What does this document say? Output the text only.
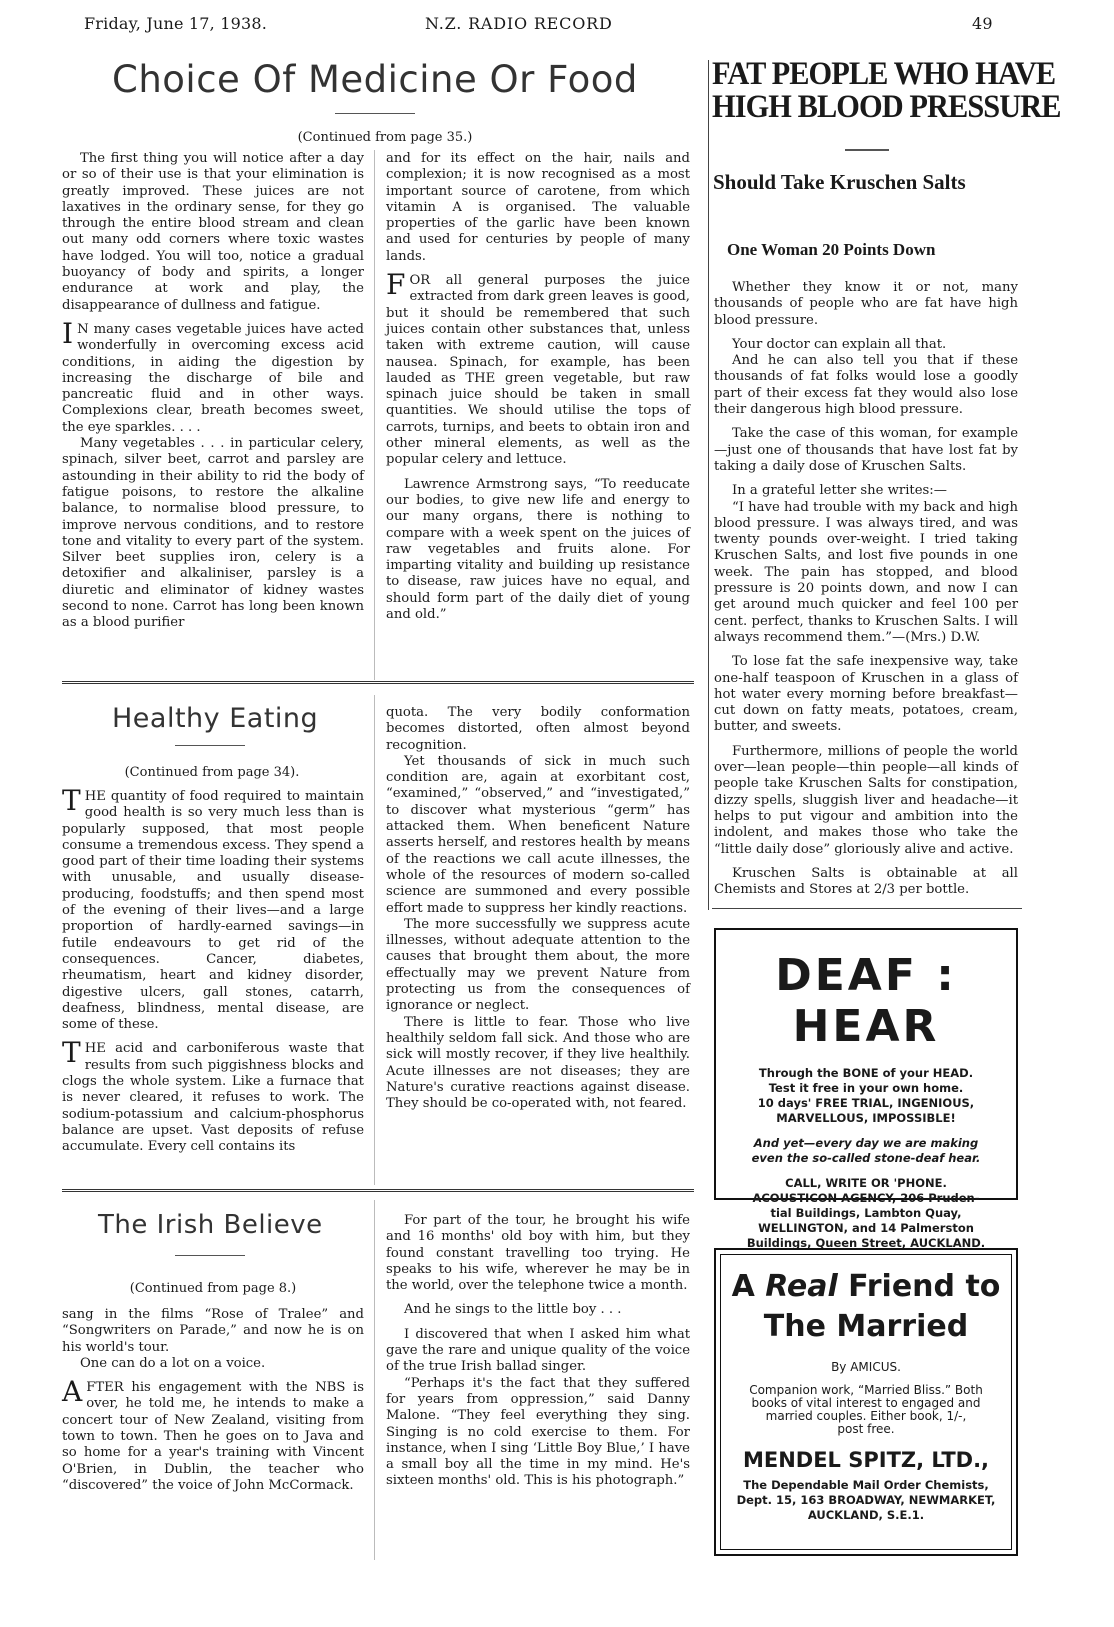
Friday, June 17, 1938.	N.Z. RADIO RECORD	49
Choice Of Medicine Or Food
(Continued from page 35.)

The first thing you will notice after a day or so of their use is that your elimination is greatly improved. These juices are not laxatives in the ordinary sense, for they go through the entire blood stream and clean out many odd corners where toxic wastes have lodged. You will too, notice a gradual buoyancy of body and spirits, a longer endurance at work and play, the disappearance of dullness and fatigue.

I N many cases vegetable juices have acted wonderfully in overcoming excess acid conditions, in aiding the digestion by increasing the discharge of bile and pancreatic fluid and in other ways. Complexions clear, breath becomes sweet, the eye sparkles. . . .

Many vegetables . . . in particular celery, spinach, silver beet, carrot and parsley are astounding in their ability to rid the body of fatigue poisons, to restore the alkaline balance, to normalise blood pressure, to improve nervous conditions, and to restore tone and vitality to every part of the system. Silver beet supplies iron, celery is a detoxifier and alkaliniser, parsley is a diuretic and eliminator of kidney wastes second to none. Carrot has long been known as a blood purifier

and for its effect on the hair, nails and complexion; it is now recognised as a most important source of carotene, from which vitamin A is organised. The valuable properties of the garlic have been known and used for centuries by people of many lands.

FOR all general purposes the juice extracted from dark green leaves is good, but it should be remembered that such juices contain other substances that, unless taken with extreme caution, will cause nausea. Spinach, for example, has been lauded as THE green vegetable, but raw spinach juice should be taken in small quantities. We should utilise the tops of carrots, turnips, and beets to obtain iron and other mineral elements, as well as the popular celery and lettuce.

Lawrence Armstrong says, “To reeducate our bodies, to give new life and energy to our many organs, there is nothing to compare with a week spent on the juices of raw vegetables and fruits alone. For imparting vitality and building up resistance to disease, raw juices have no equal, and should form part of the daily diet of young and old.”

Healthy Eating
(Continued from page 34).

THE quantity of food required to maintain good health is so very much less than is popularly supposed, that most people consume a tremendous excess. They spend a good part of their time loading their systems with unusable, and usually disease-producing, foodstuffs; and then spend most of the evening of their lives—and a large proportion of hardly-earned savings—in futile endeavours to get rid of the consequences. Cancer, diabetes, rheumatism, heart and kidney disorder, digestive ulcers, gall stones, catarrh, deafness, blindness, mental disease, are some of these.

THE acid and carboniferous waste that results from such piggishness blocks and clogs the whole system. Like a furnace that is never cleared, it refuses to work. The sodium-potassium and calcium-phosphorus balance are upset. Vast deposits of refuse accumulate. Every cell contains its

quota. The very bodily conformation becomes distorted, often almost beyond recognition.

Yet thousands of sick in much such condition are, again at exorbitant cost, “examined,” “observed,” and “investigated,” to discover what mysterious “germ” has attacked them. When beneficent Nature asserts herself, and restores health by means of the reactions we call acute illnesses, the whole of the resources of modern so-called science are summoned and every possible effort made to suppress her kindly reactions.

The more successfully we suppress acute illnesses, without adequate attention to the causes that brought them about, the more effectually may we prevent Nature from protecting us from the consequences of ignorance or neglect.

There is little to fear. Those who live healthily seldom fall sick. And those who are sick will mostly recover, if they live healthily. Acute illnesses are not diseases; they are Nature's curative reactions against disease. They should be co-operated with, not feared.

The Irish Believe
(Continued from page 8.)

sang in the films “Rose of Tralee” and “Songwriters on Parade,” and now he is on his world's tour.

One can do a lot on a voice.

AFTER his engagement with the NBS is over, he told me, he intends to make a concert tour of New Zealand, visiting from town to town. Then he goes on to Java and so home for a year's training with Vincent O'Brien, in Dublin, the teacher who “discovered” the voice of John McCormack.

For part of the tour, he brought his wife and 16 months' old boy with him, but they found constant travelling too trying. He speaks to his wife, wherever he may be in the world, over the telephone twice a month.

And he sings to the little boy . . .

I discovered that when I asked him what gave the rare and unique quality of the voice of the true Irish ballad singer.

“Perhaps it's the fact that they suffered for years from oppression,” said Danny Malone. “They feel everything they sing. Singing is no cold exercise to them. For instance, when I sing ‘Little Boy Blue,’ I have a small boy all the time in my mind. He's sixteen months' old. This is his photograph.”

FAT PEOPLE WHO HAVE
HIGH BLOOD PRESSURE
Should Take Kruschen Salts
One Woman 20 Points Down

Whether they know it or not, many thousands of people who are fat have high blood pressure.

Your doctor can explain all that.

And he can also tell you that if these thousands of fat folks would lose a goodly part of their excess fat they would also lose their dangerous high blood pressure.

Take the case of this woman, for example—just one of thousands that have lost fat by taking a daily dose of Kruschen Salts.

In a grateful letter she writes:—

“I have had trouble with my back and high blood pressure. I was always tired, and was twenty pounds over-weight. I tried taking Kruschen Salts, and lost five pounds in one week. The pain has stopped, and blood pressure is 20 points down, and now I can get around much quicker and feel 100 per cent. perfect, thanks to Kruschen Salts. I will always recommend them.”—(Mrs.) D.W.

To lose fat the safe inexpensive way, take one-half teaspoon of Kruschen in a glass of hot water every morning before breakfast—cut down on fatty meats, potatoes, cream, butter, and sweets.

Furthermore, millions of people the world over—lean people—thin people—all kinds of people take Kruschen Salts for constipation, dizzy spells, sluggish liver and headache—it helps to put vigour and ambition into the indolent, and makes those who take the “little daily dose” gloriously alive and active.

Kruschen Salts is obtainable at all Chemists and Stores at 2/3 per bottle.

DEAF : HEAR
Through the BONE of your HEAD.
Test it free in your own home.
10 days' FREE TRIAL, INGENIOUS,
MARVELLOUS, IMPOSSIBLE!
And yet—every day we are making
even the so-called stone-deaf hear.
CALL, WRITE OR 'PHONE.
ACOUSTICON AGENCY, 206 Pruden-
tial Buildings, Lambton Quay,
WELLINGTON, and 14 Palmerston
Buildings, Queen Street, AUCKLAND.
A Real Friend to
The Married
By AMICUS.
Companion work, “Married Bliss.” Both
books of vital interest to engaged and
married couples. Either book, 1/-,
post free.
MENDEL SPITZ, LTD.,
The Dependable Mail Order Chemists,
Dept. 15, 163 BROADWAY, NEWMARKET,
AUCKLAND, S.E.1.
